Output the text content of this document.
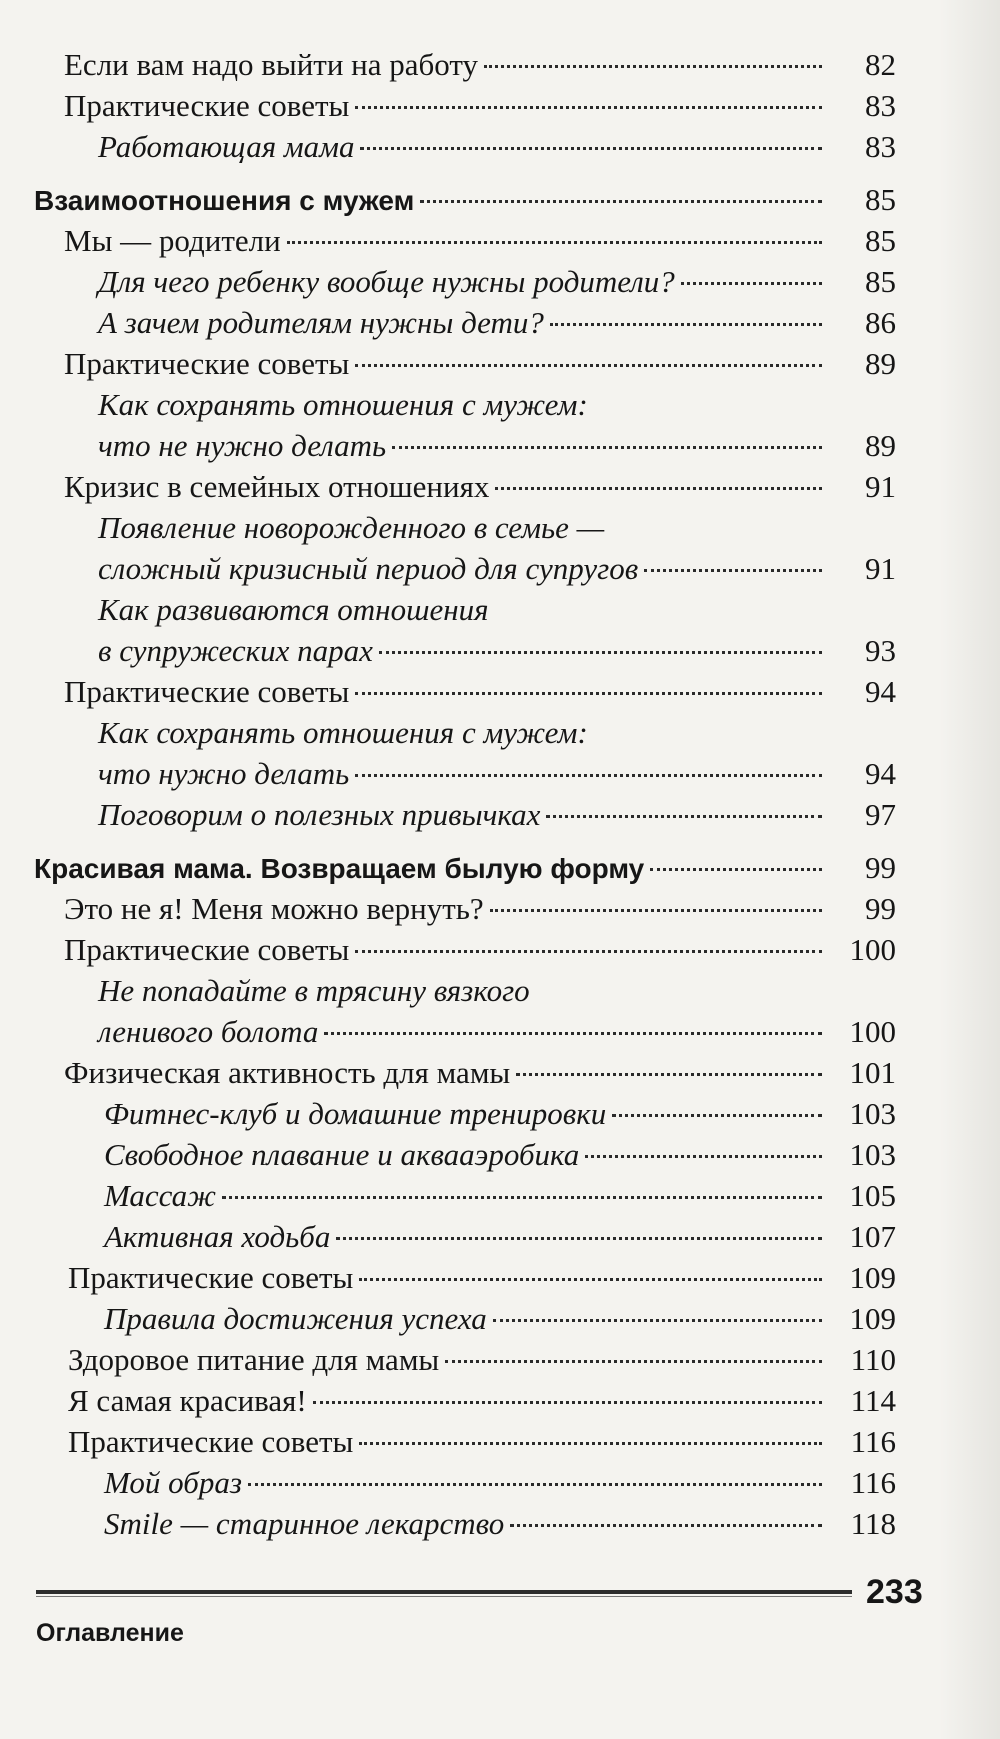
Если вам надо выйти на работу	82
Практические советы	83
Работающая мама	83
Взаимоотношения с мужем	85
Мы — родители	85
Для чего ребенку вообще нужны родители?	85
А зачем родителям нужны дети?	86
Практические советы	89
Как сохранять отношения с мужем:
что не нужно делать	89
Кризис в семейных отношениях	91
Появление новорожденного в семье —
сложный кризисный период для супругов	91
Как развиваются отношения
в супружеских парах	93
Практические советы	94
Как сохранять отношения с мужем:
что нужно делать	94
Поговорим о полезных привычках	97
Красивая мама. Возвращаем былую форму	99
Это не я! Меня можно вернуть?	99
Практические советы	100
Не попадайте в трясину вязкого
ленивого болота	100
Физическая активность для мамы	101
Фитнес-клуб и домашние тренировки	103
Свободное плавание и аквааэробика	103
Массаж	105
Активная ходьба	107
Практические советы	109
Правила достижения успеха	109
Здоровое питание для мамы	110
Я самая красивая!	114
Практические советы	116
Мой образ	116
Smile — старинное лекарство	118
233
Оглавление
